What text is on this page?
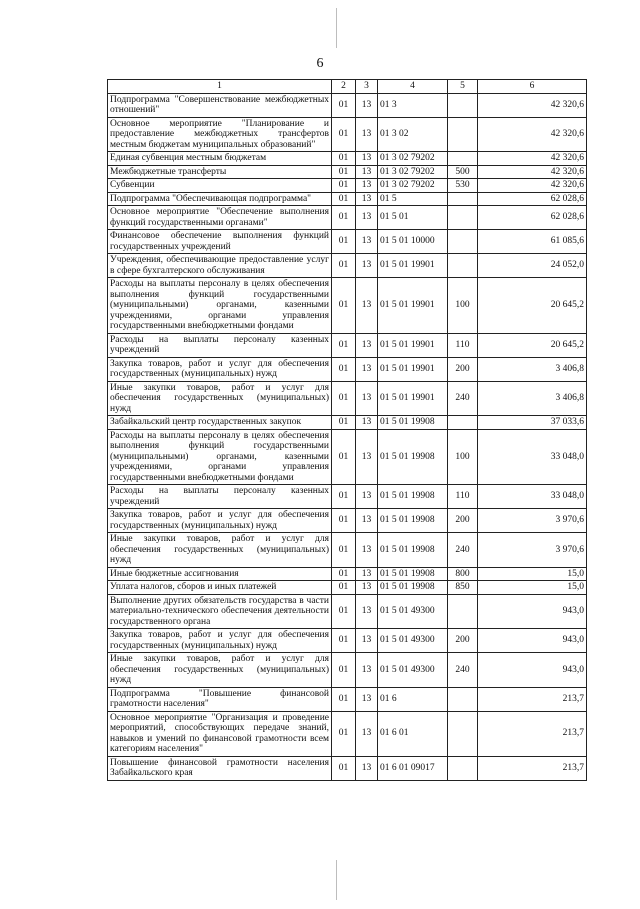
6
1	2	3	4	5	6
Подпрограмма "Совершенствование межбюджетных отношений"	01	13	01 3		42 320,6
Основное мероприятие "Планирование и предоставление межбюджетных трансфертов местным бюджетам муниципальных образований"	01	13	01 3 02		42 320,6
Единая субвенция местным бюджетам	01	13	01 3 02 79202		42 320,6
Межбюджетные трансферты	01	13	01 3 02 79202	500	42 320,6
Субвенции	01	13	01 3 02 79202	530	42 320,6
Подпрограмма "Обеспечивающая подпрограмма"	01	13	01 5		62 028,6
Основное мероприятие "Обеспечение выполнения функций государственными органами"	01	13	01 5 01		62 028,6
Финансовое обеспечение выполнения функций государственных учреждений	01	13	01 5 01 10000		61 085,6
Учреждения, обеспечивающие предоставление услуг в сфере бухгалтерского обслуживания	01	13	01 5 01 19901		24 052,0
Расходы на выплаты персоналу в целях обеспечения выполнения функций государственными (муниципальными) органами, казенными учреждениями, органами управления государственными внебюджетными фондами	01	13	01 5 01 19901	100	20 645,2
Расходы на выплаты персоналу казенных учреждений	01	13	01 5 01 19901	110	20 645,2
Закупка товаров, работ и услуг для обеспечения государственных (муниципальных) нужд	01	13	01 5 01 19901	200	3 406,8
Иные закупки товаров, работ и услуг для обеспечения государственных (муниципальных) нужд	01	13	01 5 01 19901	240	3 406,8
Забайкальский центр государственных закупок	01	13	01 5 01 19908		37 033,6
Расходы на выплаты персоналу в целях обеспечения выполнения функций государственными (муниципальными) органами, казенными учреждениями, органами управления государственными внебюджетными фондами	01	13	01 5 01 19908	100	33 048,0
Расходы на выплаты персоналу казенных учреждений	01	13	01 5 01 19908	110	33 048,0
Закупка товаров, работ и услуг для обеспечения государственных (муниципальных) нужд	01	13	01 5 01 19908	200	3 970,6
Иные закупки товаров, работ и услуг для обеспечения государственных (муниципальных) нужд	01	13	01 5 01 19908	240	3 970,6
Иные бюджетные ассигнования	01	13	01 5 01 19908	800	15,0
Уплата налогов, сборов и иных платежей	01	13	01 5 01 19908	850	15,0
Выполнение других обязательств государства в части материально-технического обеспечения деятельности государственного органа	01	13	01 5 01 49300		943,0
Закупка товаров, работ и услуг для обеспечения государственных (муниципальных) нужд	01	13	01 5 01 49300	200	943,0
Иные закупки товаров, работ и услуг для обеспечения государственных (муниципальных) нужд	01	13	01 5 01 49300	240	943,0
Подпрограмма "Повышение финансовой грамотности населения"	01	13	01 6		213,7
Основное мероприятие "Организация и проведение мероприятий, способствующих передаче знаний, навыков и умений по финансовой грамотности всем категориям населения"	01	13	01 6 01		213,7
Повышение финансовой грамотности населения Забайкальского края	01	13	01 6 01 09017		213,7
